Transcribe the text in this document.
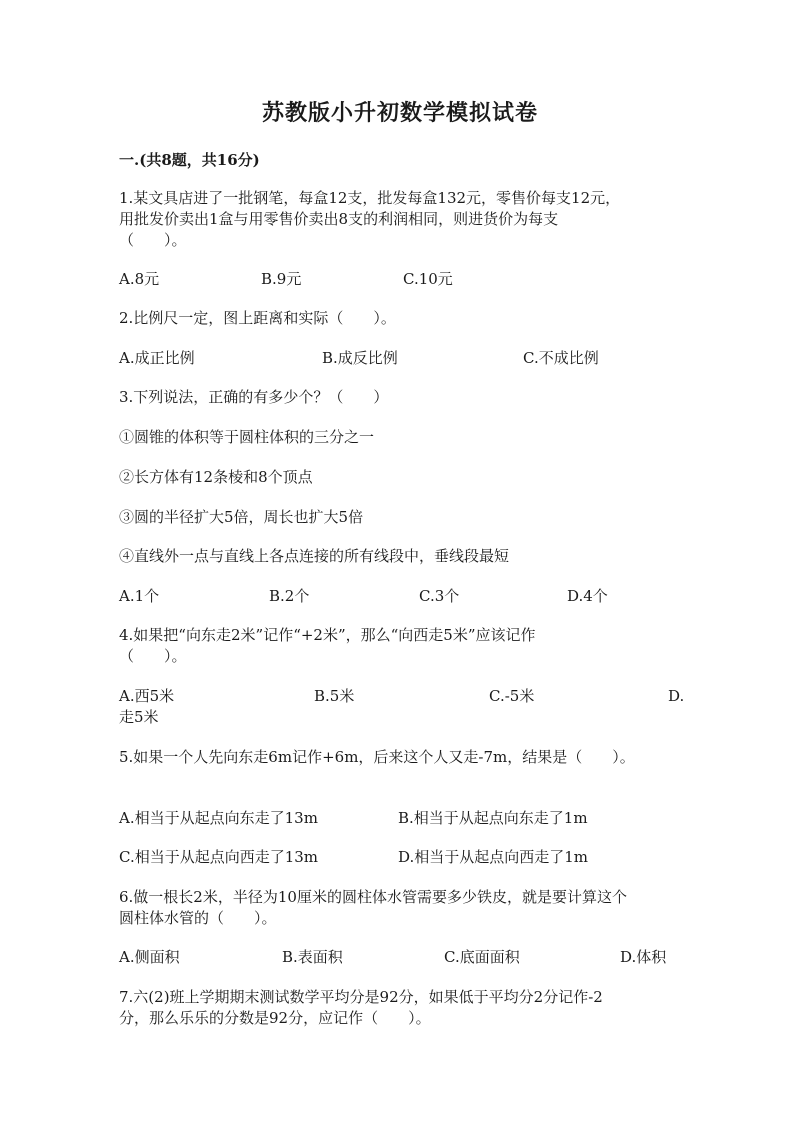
苏教版小升初数学模拟试卷
一.(共8题，共16分)
1.某文具店进了一批钢笔，每盒12支，批发每盒132元，零售价每支12元，
用批发价卖出1盒与用零售价卖出8支的利润相同，则进货价为每支
（　　）。
A.8元	B.9元	C.10元
2.比例尺一定，图上距离和实际（　　）。
A.成正比例	B.成反比例	C.不成比例
3.下列说法，正确的有多少个？（　　）
①圆锥的体积等于圆柱体积的三分之一
②长方体有12条棱和8个顶点
③圆的半径扩大5倍，周长也扩大5倍
④直线外一点与直线上各点连接的所有线段中，垂线段最短
A.1个	B.2个	C.3个	D.4个
4.如果把“向东走2米”记作“+2米”，那么“向西走5米”应该记作
（　　）。
A.西5米	B.5米	C.-5米	D.
走5米
5.如果一个人先向东走6m记作+6m，后来这个人又走-7m，结果是（　　）。
A.相当于从起点向东走了13m	B.相当于从起点向东走了1m
C.相当于从起点向西走了13m	D.相当于从起点向西走了1m
6.做一根长2米，半径为10厘米的圆柱体水管需要多少铁皮，就是要计算这个
圆柱体水管的（　　）。
A.侧面积	B.表面积	C.底面面积	D.体积
7.六(2)班上学期期末测试数学平均分是92分，如果低于平均分2分记作-2
分，那么乐乐的分数是92分，应记作（　　）。
